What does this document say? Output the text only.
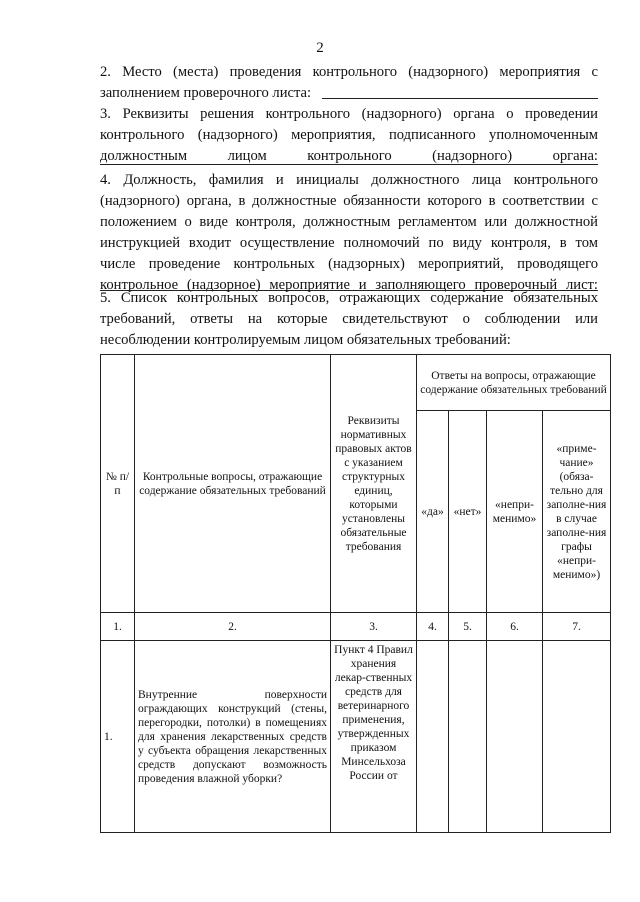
2
2. Место (места) проведения контрольного (надзорного) мероприятия с
заполнением проверочного листа:
3. Реквизиты решения контрольного (надзорного) органа о проведении
контрольного (надзорного) мероприятия, подписанного уполномоченным
должностным лицом контрольного (надзорного) органа:
4. Должность, фамилия и инициалы должностного лица контрольного
(надзорного) органа, в должностные обязанности которого в соответствии с
положением о виде контроля, должностным регламентом или должностной
инструкцией входит осуществление полномочий по виду контроля, в том
числе проведение контрольных (надзорных) мероприятий, проводящего
контрольное (надзорное) мероприятие и заполняющего проверочный лист:
5. Список контрольных вопросов, отражающих содержание обязательных
требований, ответы на которые свидетельствуют о соблюдении или
несоблюдении контролируемым лицом обязательных требований:
№ п/п	Контрольные вопросы, отражающие содержание обязательных требований	Реквизиты нормативных правовых актов с указанием структурных единиц, которыми установлены обязательные требования	Ответы на вопросы, отражающие содержание обязательных требований			
			«да»	«нет»	«непри-менимо»	«приме-чание» (обяза-тельно для заполне-ния в случае заполне-ния графы «непри-менимо»)
1.	2.	3.	4.	5.	6.	7.
1.	Внутренние поверхности ограждающих конструкций (стены, перегородки, потолки) в помещениях для хранения лекарственных средств у субъекта обращения лекарственных средств допускают возможность проведения влажной уборки?	Пункт 4 Правил хранения лекар-ственных средств для ветеринарного применения, утвержденных приказом Минсельхоза России от				
